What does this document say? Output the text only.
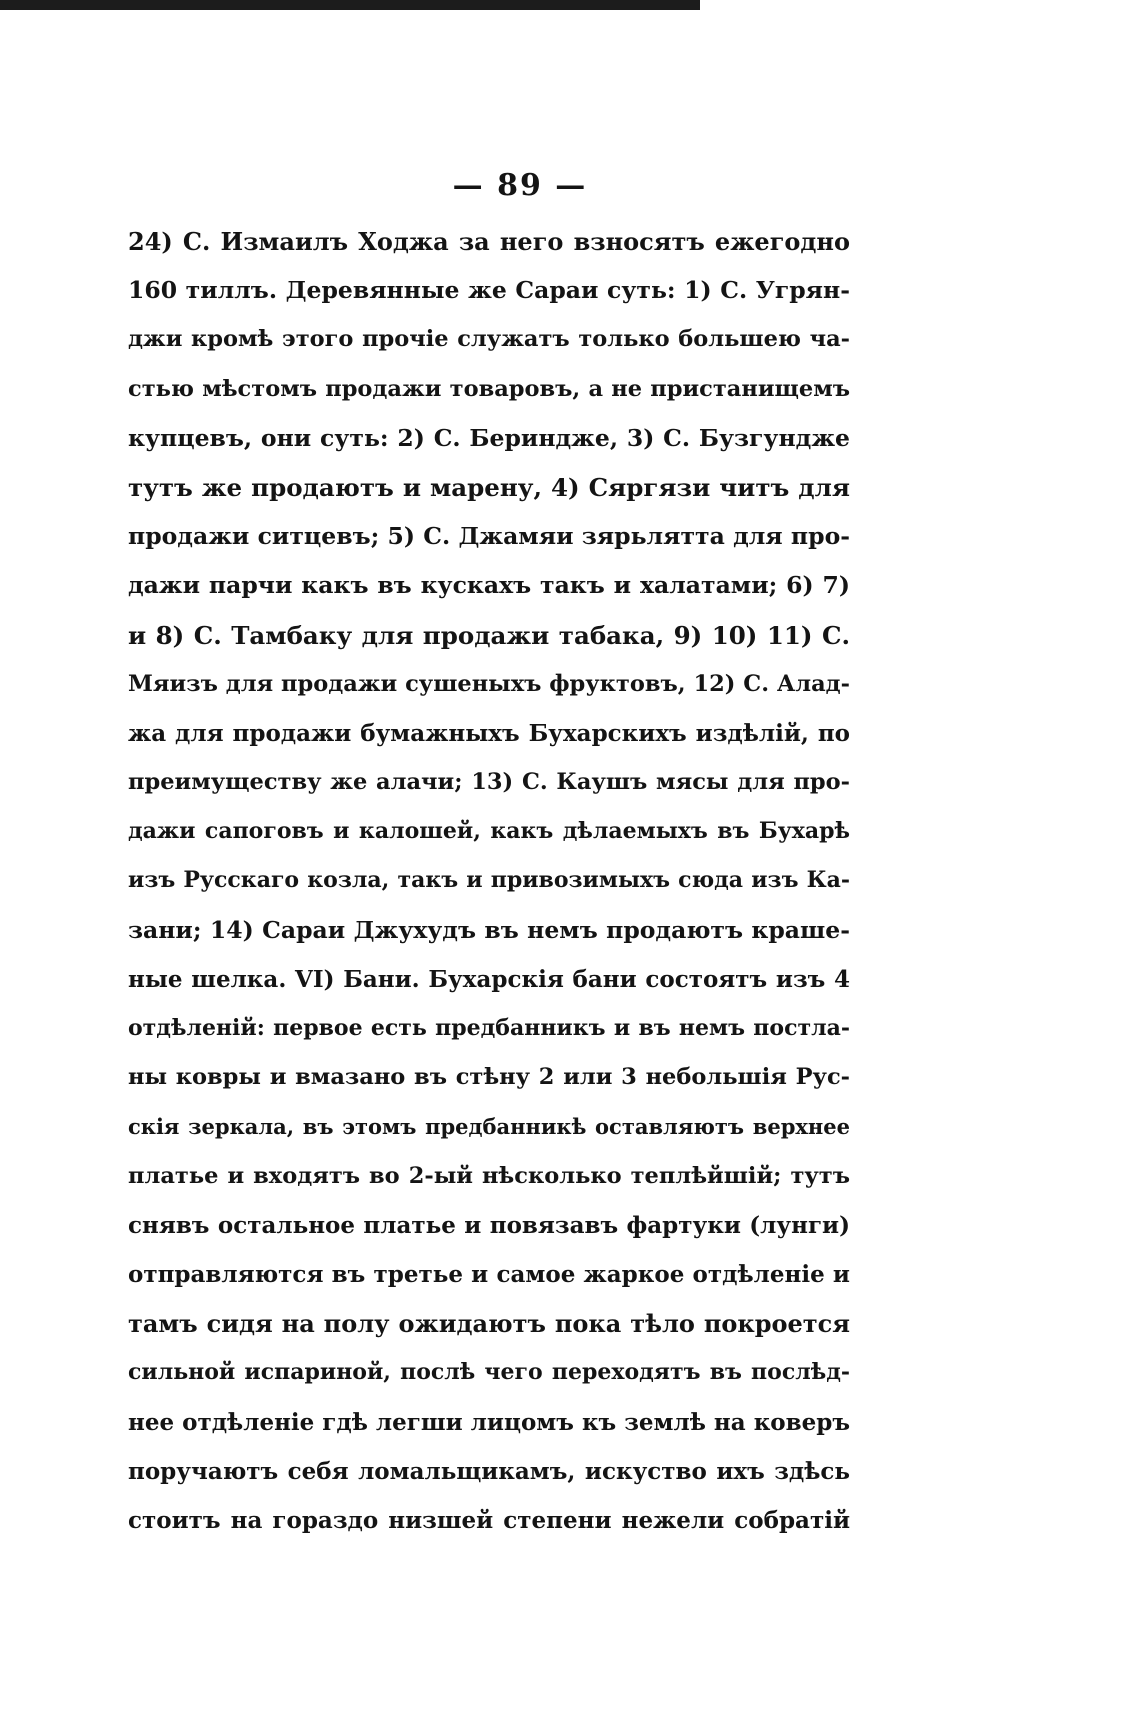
— 89 —
24) С. Измаилъ Ходжа за него взносятъ ежегодно
160 тиллъ. Деревянные же Сараи суть: 1) С. Угрян-
джи кромѣ этого прочіе служатъ только большею ча-
стью мѣстомъ продажи товаровъ, а не пристанищемъ
купцевъ, они суть: 2) С. Бериндже, 3) С. Бузгундже
тутъ же продаютъ и марену, 4) Сяргязи читъ для
продажи ситцевъ; 5) С. Джамяи зярьлятта для про-
дажи парчи какъ въ кускахъ такъ и халатами; 6) 7)
и 8) С. Тамбаку для продажи табака, 9) 10) 11) С.
Мяизъ для продажи сушеныхъ фруктовъ, 12) С. Алад-
жа для продажи бумажныхъ Бухарскихъ издѣлій, по
преимуществу же алачи; 13) С. Каушъ мясы для про-
дажи сапоговъ и калошей, какъ дѣлаемыхъ въ Бухарѣ
изъ Русскаго козла, такъ и привозимыхъ сюда изъ Ка-
зани; 14) Сараи Джухудъ въ немъ продаютъ краше-
ные шелка. VI) Бани. Бухарскія бани состоятъ изъ 4
отдѣленій: первое есть предбанникъ и въ немъ постла-
ны ковры и вмазано въ стѣну 2 или 3 небольшія Рус-
скія зеркала, въ этомъ предбанникѣ оставляютъ верхнее
платье и входятъ во 2-ый нѣсколько теплѣйшій; тутъ
снявъ остальное платье и повязавъ фартуки (лунги)
отправляются въ третье и самое жаркое отдѣленіе и
тамъ сидя на полу ожидаютъ пока тѣло покроется
сильной испариной, послѣ чего переходятъ въ послѣд-
нее отдѣленіе гдѣ легши лицомъ къ землѣ на коверъ
поручаютъ себя ломальщикамъ, искуство ихъ здѣсь
стоитъ на гораздо низшей степени нежели собратій
